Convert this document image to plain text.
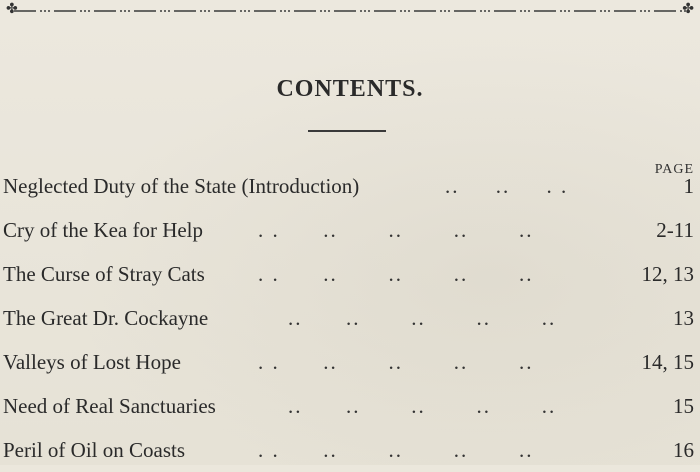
✤	✤
CONTENTS.
PAGE
Neglected Duty of the State (Introduction)	..     ..     . .	1
Cry of the Kea for Help	. .      ..       ..       ..       ..	2-11
The Curse of Stray Cats	. .      ..       ..       ..       ..	12, 13
The Great Dr. Cockayne	..      ..       ..       ..       ..	13
Valleys of Lost Hope	. .      ..       ..       ..       ..	14, 15
Need of Real Sanctuaries	..      ..       ..       ..       ..	15
Peril of Oil on Coasts	. .      ..       ..       ..       ..	16
